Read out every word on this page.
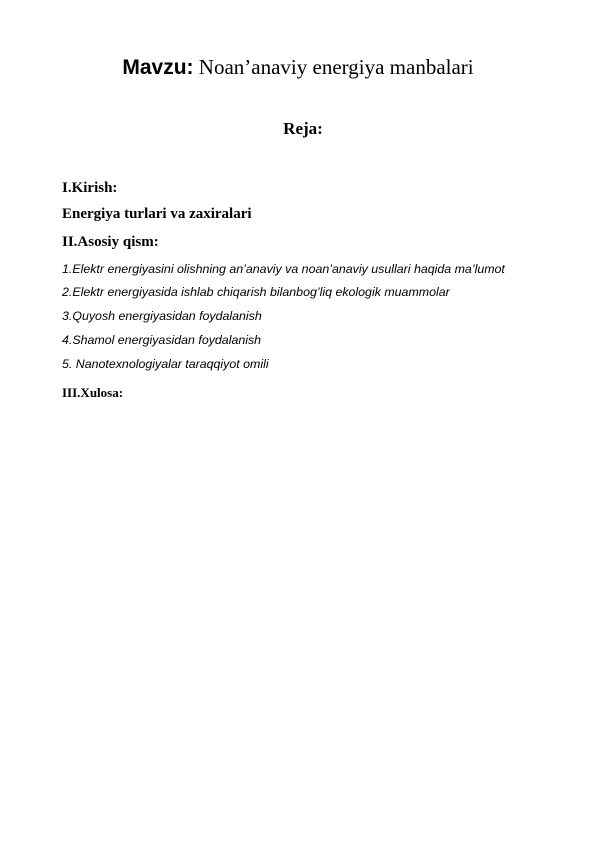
Mavzu: Noan’anaviy energiya manbalari
Reja:
I.Kirish:
Energiya turlari va zaxiralari
II.Asosiy qism:
1.Elektr energiyasini olishning an’anaviy va noan’anaviy usullari haqida ma’lumot
2.Elektr energiyasida ishlab chiqarish bilanbog’liq ekologik muammolar
3.Quyosh energiyasidan foydalanish
4.Shamol energiyasidan foydalanish
5. Nanotexnologiyalar taraqqiyot omili
III.Xulosa:
